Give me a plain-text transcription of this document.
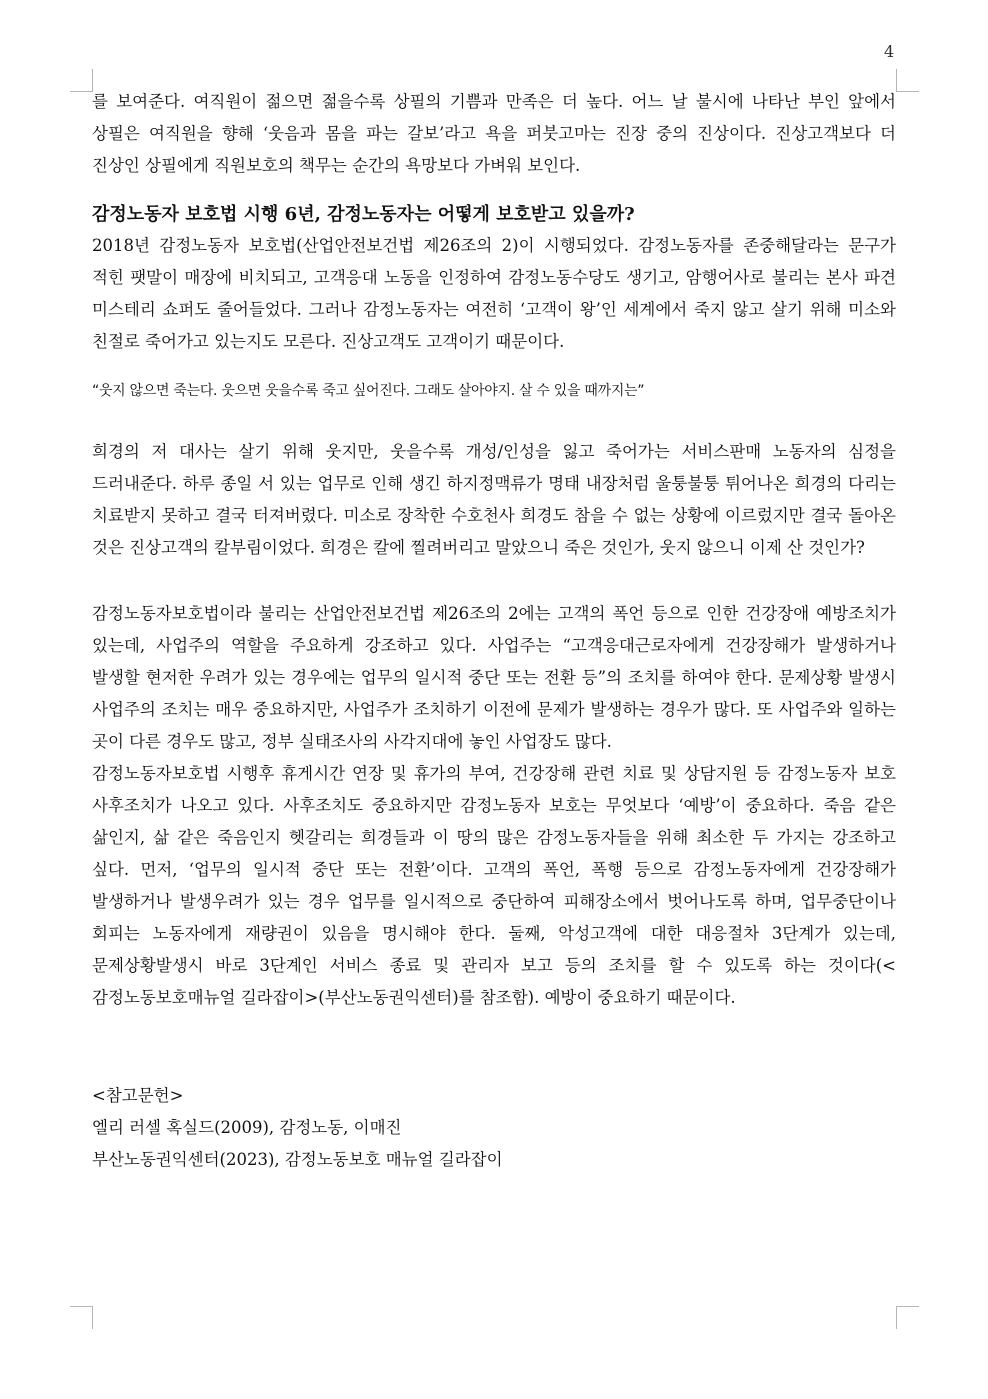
4

를 보여준다. 여직원이 젊으면 젊을수록 상필의 기쁨과 만족은 더 높다. 어느 날 불시에 나타난 부인 앞에서 상필은 여직원을 향해 ‘웃음과 몸을 파는 갈보’라고 욕을 퍼붓고마는 진장 중의 진상이다. 진상고객보다 더 진상인 상필에게 직원보호의 책무는 순간의 욕망보다 가벼워 보인다.

감정노동자 보호법 시행 6년, 감정노동자는 어떻게 보호받고 있을까?

2018년 감정노동자 보호법(산업안전보건법 제26조의 2)이 시행되었다. 감정노동자를 존중해달라는 문구가 적힌 팻말이 매장에 비치되고, 고객응대 노동을 인정하여 감정노동수당도 생기고, 암행어사로 불리는 본사 파견 미스테리 쇼퍼도 줄어들었다. 그러나 감정노동자는 여전히 ‘고객이 왕’인 세계에서 죽지 않고 살기 위해 미소와 친절로 죽어가고 있는지도 모른다. 진상고객도 고객이기 때문이다.

“웃지 않으면 죽는다. 웃으면 웃을수록 죽고 싶어진다. 그래도 살아야지. 살 수 있을 때까지는”

희경의 저 대사는 살기 위해 웃지만, 웃을수록 개성/인성을 잃고 죽어가는 서비스판매 노동자의 심정을 드러내준다. 하루 종일 서 있는 업무로 인해 생긴 하지정맥류가 명태 내장처럼 울퉁불퉁 튀어나온 희경의 다리는 치료받지 못하고 결국 터져버렸다. 미소로 장착한 수호천사 희경도 참을 수 없는 상황에 이르렀지만 결국 돌아온 것은 진상고객의 칼부림이었다. 희경은 칼에 찔려버리고 말았으니 죽은 것인가, 웃지 않으니 이제 산 것인가?

감정노동자보호법이라 불리는 산업안전보건법 제26조의 2에는 고객의 폭언 등으로 인한 건강장애 예방조치가 있는데, 사업주의 역할을 주요하게 강조하고 있다. 사업주는 “고객응대근로자에게 건강장해가 발생하거나 발생할 현저한 우려가 있는 경우에는 업무의 일시적 중단 또는 전환 등”의 조치를 하여야 한다. 문제상황 발생시 사업주의 조치는 매우 중요하지만, 사업주가 조치하기 이전에 문제가 발생하는 경우가 많다. 또 사업주와 일하는 곳이 다른 경우도 많고, 정부 실태조사의 사각지대에 놓인 사업장도 많다.

감정노동자보호법 시행후 휴게시간 연장 및 휴가의 부여, 건강장해 관련 치료 및 상담지원 등 감정노동자 보호 사후조치가 나오고 있다. 사후조치도 중요하지만 감정노동자 보호는 무엇보다 ‘예방’이 중요하다. 죽음 같은 삶인지, 삶 같은 죽음인지 헷갈리는 희경들과 이 땅의 많은 감정노동자들을 위해 최소한 두 가지는 강조하고 싶다. 먼저, ‘업무의 일시적 중단 또는 전환’이다. 고객의 폭언, 폭행 등으로 감정노동자에게 건강장해가 발생하거나 발생우려가 있는 경우 업무를 일시적으로 중단하여 피해장소에서 벗어나도록 하며, 업무중단이나 회피는 노동자에게 재량권이 있음을 명시해야 한다. 둘째, 악성고객에 대한 대응절차 3단계가 있는데, 문제상황발생시 바로 3단계인 서비스 종료 및 관리자 보고 등의 조치를 할 수 있도록 하는 것이다(<감정노동보호매뉴얼 길라잡이>(부산노동권익센터)를 참조함). 예방이 중요하기 때문이다.

<참고문헌>

엘리 러셀 혹실드(2009), 감정노동, 이매진

부산노동권익센터(2023), 감정노동보호 매뉴얼 길라잡이
